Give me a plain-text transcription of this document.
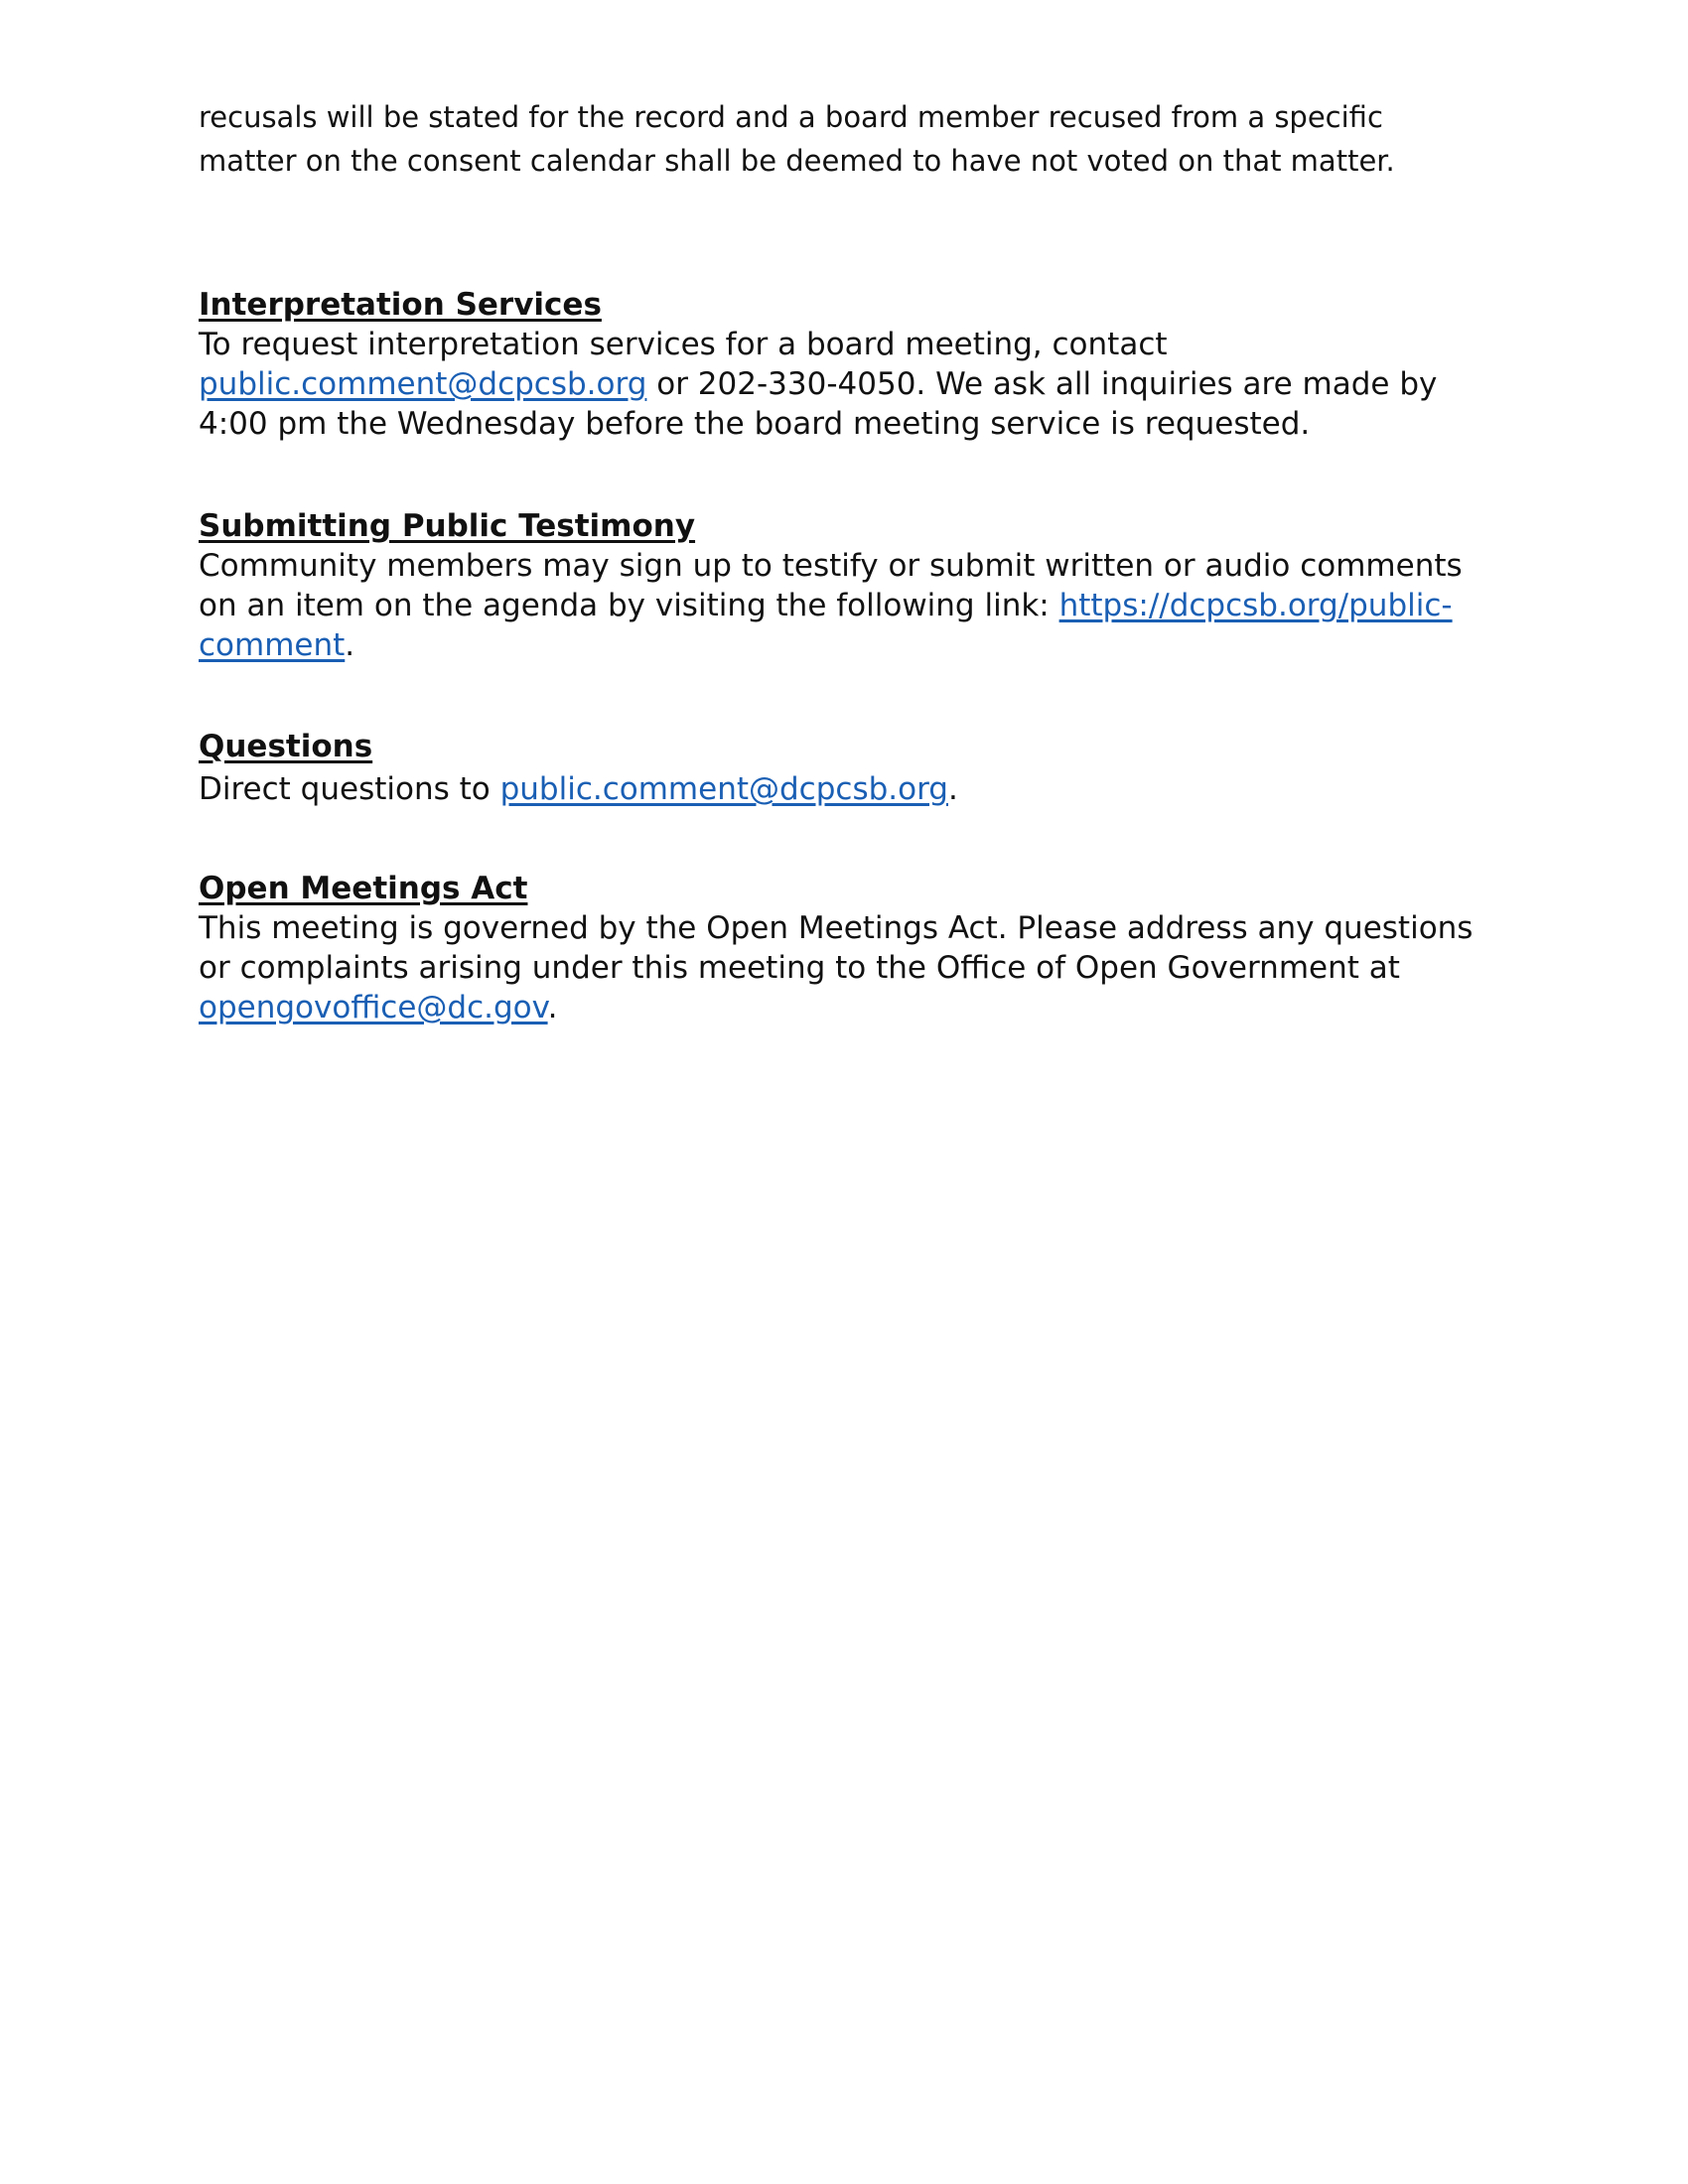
recusals will be stated for the record and a board member recused from a specific

matter on the consent calendar shall be deemed to have not voted on that matter.

Interpretation Services

To request interpretation services for a board meeting, contact
public.comment@dcpcsb.org or 202-330-4050. We ask all inquiries are made by 4:00 pm the Wednesday before the board meeting service is requested.

Submitting Public Testimony

Community members may sign up to testify or submit written or audio comments on an item on the agenda by visiting the following link: https://dcpcsb.org/public-comment.

Questions

Direct questions to public.comment@dcpcsb.org.

Open Meetings Act

This meeting is governed by the Open Meetings Act. Please address any questions or complaints arising under this meeting to the Office of Open Government at opengovoffice@dc.gov.
